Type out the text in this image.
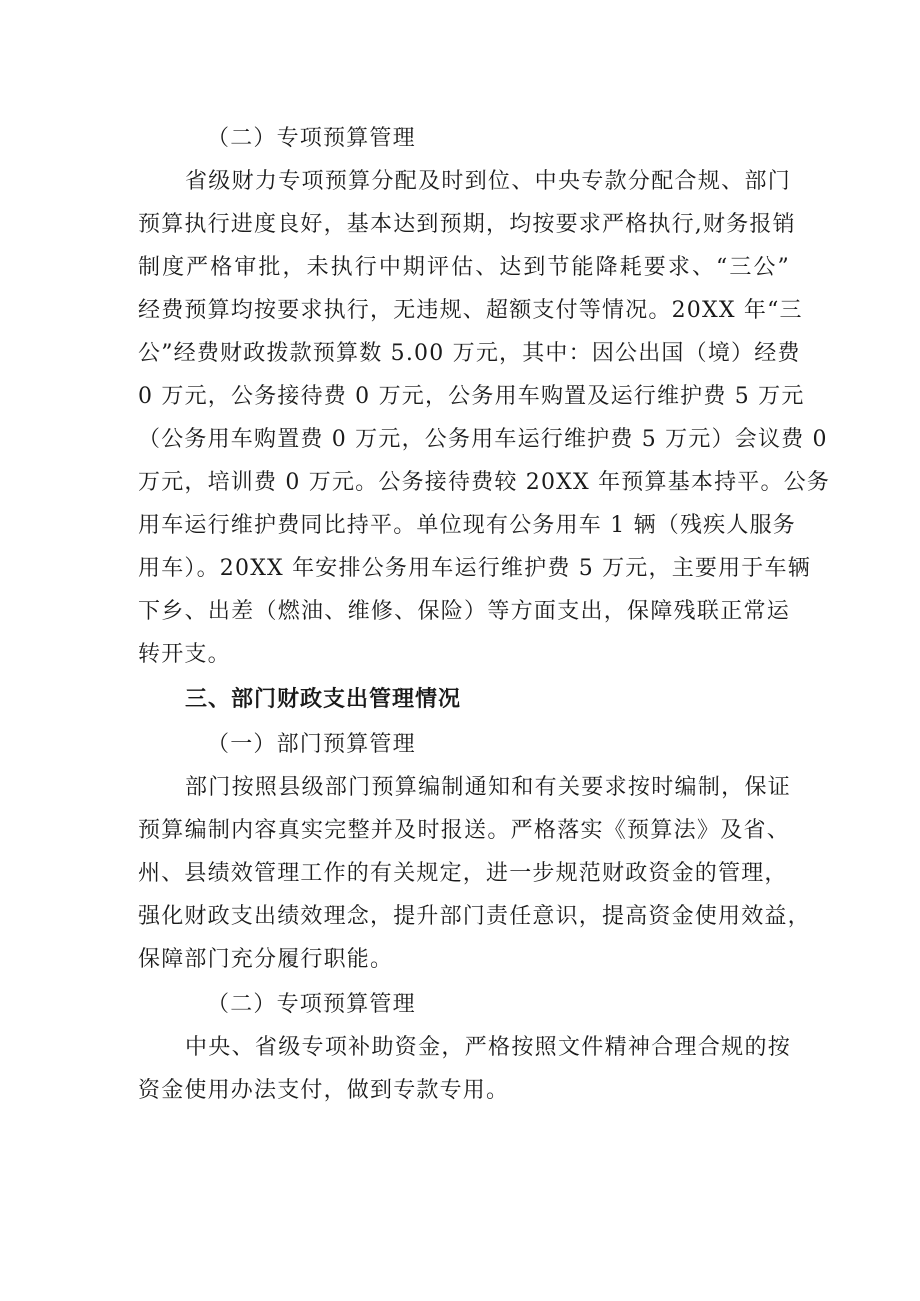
（二）专项预算管理
省级财力专项预算分配及时到位、中央专款分配合规、部门
预算执行进度良好，基本达到预期，均按要求严格执行,财务报销
制度严格审批，未执行中期评估、达到节能降耗要求、“三公”
经费预算均按要求执行，无违规、超额支付等情况。20XX 年“三
公”经费财政拨款预算数 5.00 万元，其中：因公出国（境）经费
0 万元，公务接待费 0 万元，公务用车购置及运行维护费 5 万元
（公务用车购置费 0 万元，公务用车运行维护费 5 万元）会议费 0
万元，培训费 0 万元。公务接待费较 20XX 年预算基本持平。公务
用车运行维护费同比持平。单位现有公务用车 1 辆（残疾人服务
用车）。20XX 年安排公务用车运行维护费 5 万元，主要用于车辆
下乡、出差（燃油、维修、保险）等方面支出，保障残联正常运
转开支。
三、部门财政支出管理情况
（一）部门预算管理
部门按照县级部门预算编制通知和有关要求按时编制，保证
预算编制内容真实完整并及时报送。严格落实《预算法》及省、
州、县绩效管理工作的有关规定，进一步规范财政资金的管理，
强化财政支出绩效理念，提升部门责任意识，提高资金使用效益，
保障部门充分履行职能。
（二）专项预算管理
中央、省级专项补助资金，严格按照文件精神合理合规的按
资金使用办法支付，做到专款专用。
